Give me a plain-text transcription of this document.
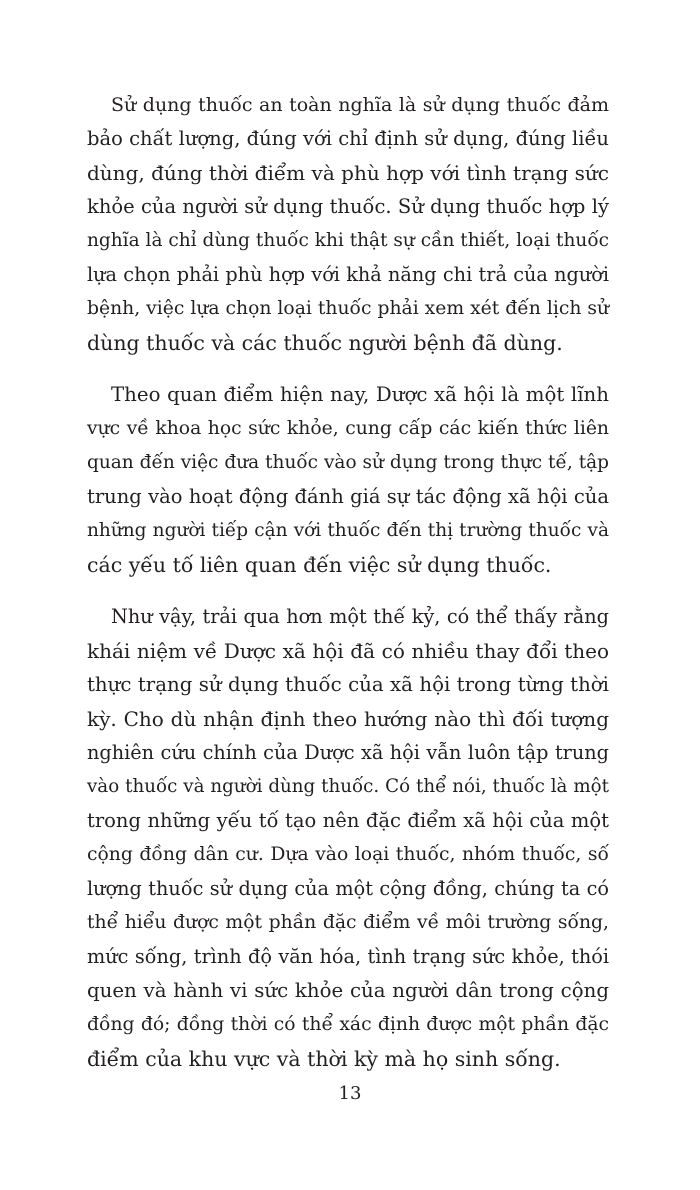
Sử dụng thuốc an toàn nghĩa là sử dụng thuốc đảm
bảo chất lượng, đúng với chỉ định sử dụng, đúng liều
dùng, đúng thời điểm và phù hợp với tình trạng sức
khỏe của người sử dụng thuốc. Sử dụng thuốc hợp lý
nghĩa là chỉ dùng thuốc khi thật sự cần thiết, loại thuốc
lựa chọn phải phù hợp với khả năng chi trả của người
bệnh, việc lựa chọn loại thuốc phải xem xét đến lịch sử
dùng thuốc và các thuốc người bệnh đã dùng.
Theo quan điểm hiện nay, Dược xã hội là một lĩnh
vực về khoa học sức khỏe, cung cấp các kiến thức liên
quan đến việc đưa thuốc vào sử dụng trong thực tế, tập
trung vào hoạt động đánh giá sự tác động xã hội của
những người tiếp cận với thuốc đến thị trường thuốc và
các yếu tố liên quan đến việc sử dụng thuốc.
Như vậy, trải qua hơn một thế kỷ, có thể thấy rằng
khái niệm về Dược xã hội đã có nhiều thay đổi theo
thực trạng sử dụng thuốc của xã hội trong từng thời
kỳ. Cho dù nhận định theo hướng nào thì đối tượng
nghiên cứu chính của Dược xã hội vẫn luôn tập trung
vào thuốc và người dùng thuốc. Có thể nói, thuốc là một
trong những yếu tố tạo nên đặc điểm xã hội của một
cộng đồng dân cư. Dựa vào loại thuốc, nhóm thuốc, số
lượng thuốc sử dụng của một cộng đồng, chúng ta có
thể hiểu được một phần đặc điểm về môi trường sống,
mức sống, trình độ văn hóa, tình trạng sức khỏe, thói
quen và hành vi sức khỏe của người dân trong cộng
đồng đó; đồng thời có thể xác định được một phần đặc
điểm của khu vực và thời kỳ mà họ sinh sống.
13
